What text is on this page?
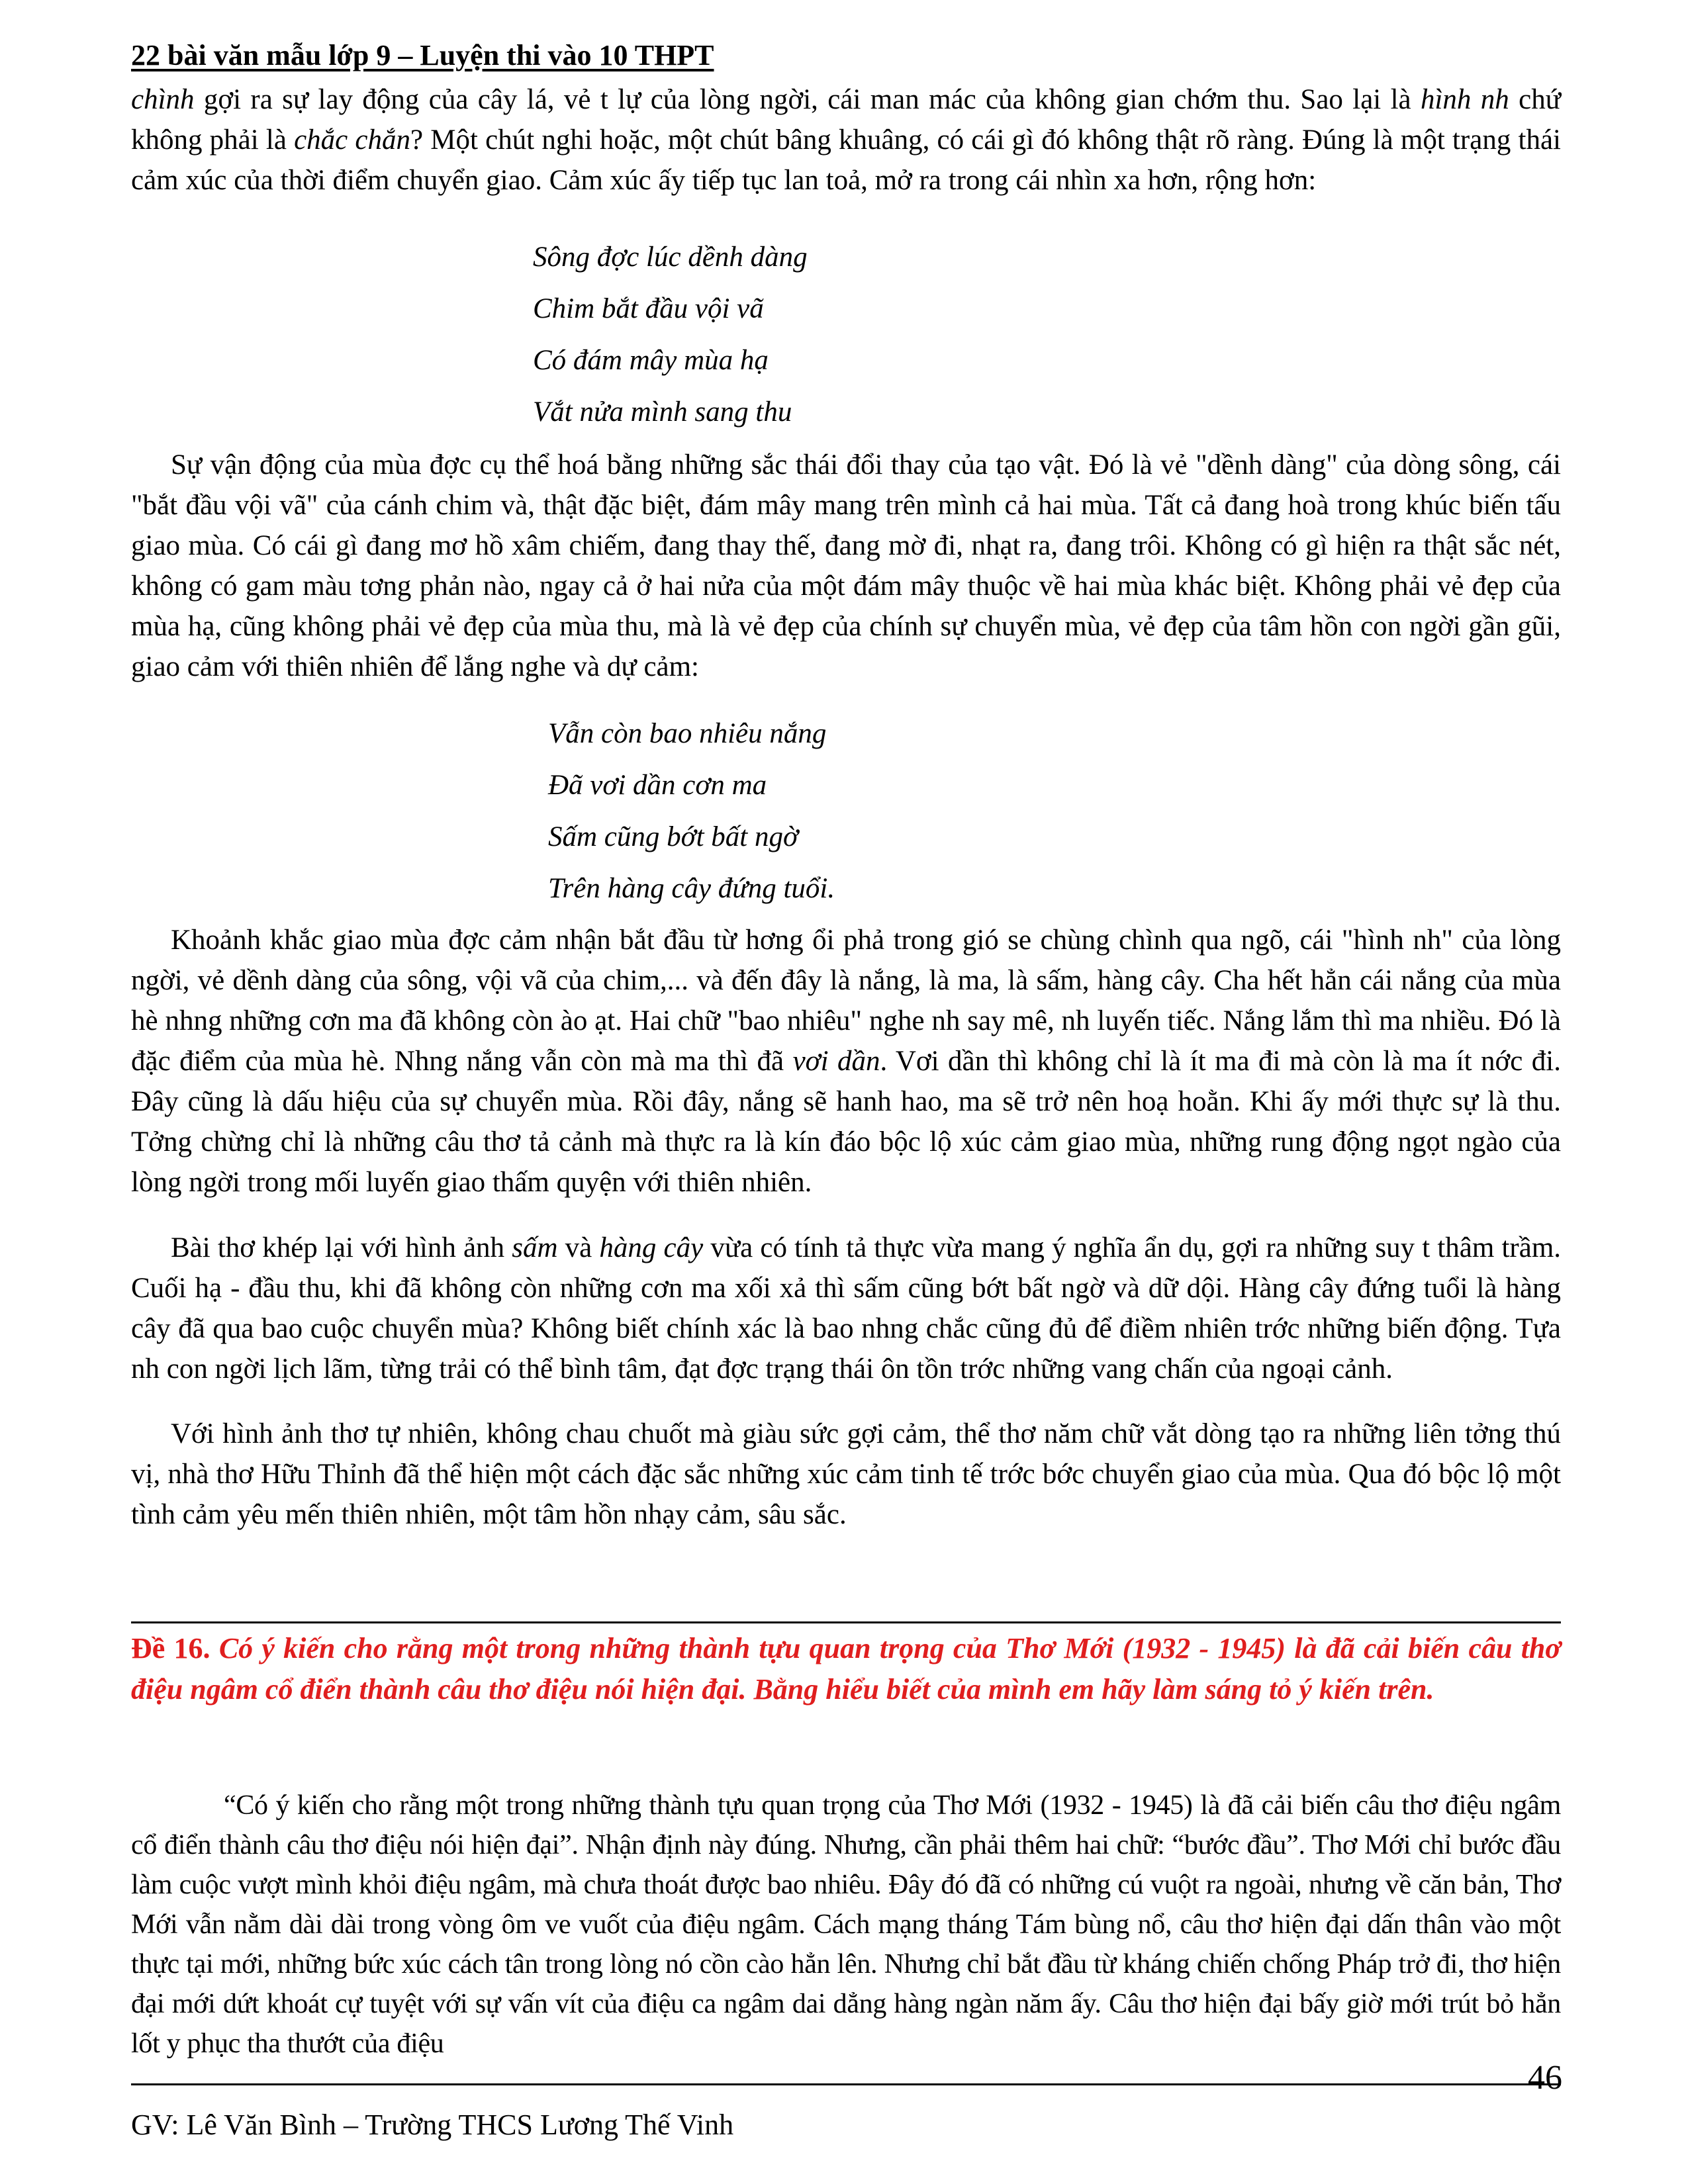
22 bài văn mẫu lớp 9 – Luyện thi vào 10 THPT

chình gợi ra sự lay động của cây lá, vẻ t lự của lòng ngời, cái man mác của không gian chớm thu. Sao lại là hình nh chứ không phải là chắc chắn? Một chút nghi hoặc, một chút bâng khuâng, có cái gì đó không thật rõ ràng. Đúng là một trạng thái cảm xúc của thời điểm chuyển giao. Cảm xúc ấy tiếp tục lan toả, mở ra trong cái nhìn xa hơn, rộng hơn:

Sông đợc lúc dềnh dàng
Chim bắt đầu vội vã
Có đám mây mùa hạ
Vắt nửa mình sang thu

Sự vận động của mùa đợc cụ thể hoá bằng những sắc thái đổi thay của tạo vật. Đó là vẻ "dềnh dàng" của dòng sông, cái "bắt đầu vội vã" của cánh chim và, thật đặc biệt, đám mây mang trên mình cả hai mùa. Tất cả đang hoà trong khúc biến tấu giao mùa. Có cái gì đang mơ hồ xâm chiếm, đang thay thế, đang mờ đi, nhạt ra, đang trôi. Không có gì hiện ra thật sắc nét, không có gam màu tơng phản nào, ngay cả ở hai nửa của một đám mây thuộc về hai mùa khác biệt. Không phải vẻ đẹp của mùa hạ, cũng không phải vẻ đẹp của mùa thu, mà là vẻ đẹp của chính sự chuyển mùa, vẻ đẹp của tâm hồn con ngời gần gũi, giao cảm với thiên nhiên để lắng nghe và dự cảm:

Vẫn còn bao nhiêu nắng
Đã vơi dần cơn ma
Sấm cũng bớt bất ngờ
Trên hàng cây đứng tuổi.

Khoảnh khắc giao mùa đợc cảm nhận bắt đầu từ hơng ổi phả trong gió se chùng chình qua ngõ, cái "hình nh" của lòng ngời, vẻ dềnh dàng của sông, vội vã của chim,... và đến đây là nắng, là ma, là sấm, hàng cây. Cha hết hẳn cái nắng của mùa hè nhng những cơn ma đã không còn ào ạt. Hai chữ "bao nhiêu" nghe nh say mê, nh luyến tiếc. Nắng lắm thì ma nhiều. Đó là đặc điểm của mùa hè. Nhng nắng vẫn còn mà ma thì đã vơi dần. Vơi dần thì không chỉ là ít ma đi mà còn là ma ít nớc đi. Đây cũng là dấu hiệu của sự chuyển mùa. Rồi đây, nắng sẽ hanh hao, ma sẽ trở nên hoạ hoằn. Khi ấy mới thực sự là thu. Tởng chừng chỉ là những câu thơ tả cảnh mà thực ra là kín đáo bộc lộ xúc cảm giao mùa, những rung động ngọt ngào của lòng ngời trong mối luyến giao thấm quyện với thiên nhiên.

Bài thơ khép lại với hình ảnh sấm và hàng cây vừa có tính tả thực vừa mang ý nghĩa ẩn dụ, gợi ra những suy t thâm trầm. Cuối hạ - đầu thu, khi đã không còn những cơn ma xối xả thì sấm cũng bớt bất ngờ và dữ dội. Hàng cây đứng tuổi là hàng cây đã qua bao cuộc chuyển mùa? Không biết chính xác là bao nhng chắc cũng đủ để điềm nhiên trớc những biến động. Tựa nh con ngời lịch lãm, từng trải có thể bình tâm, đạt đợc trạng thái ôn tồn trớc những vang chấn của ngoại cảnh.

Với hình ảnh thơ tự nhiên, không chau chuốt mà giàu sức gợi cảm, thể thơ năm chữ vắt dòng tạo ra những liên tởng thú vị, nhà thơ Hữu Thỉnh đã thể hiện một cách đặc sắc những xúc cảm tinh tế trớc bớc chuyển giao của mùa. Qua đó bộc lộ một tình cảm yêu mến thiên nhiên, một tâm hồn nhạy cảm, sâu sắc.

Đề 16. Có ý kiến cho rằng một trong những thành tựu quan trọng của Thơ Mới (1932 - 1945) là đã cải biến câu thơ điệu ngâm cổ điển thành câu thơ điệu nói hiện đại. Bằng hiểu biết của mình em hãy làm sáng tỏ ý kiến trên.

“Có ý kiến cho rằng một trong những thành tựu quan trọng của Thơ Mới (1932 - 1945) là đã cải biến câu thơ điệu ngâm cổ điển thành câu thơ điệu nói hiện đại”. Nhận định này đúng. Nhưng, cần phải thêm hai chữ: “bước đầu”. Thơ Mới chỉ bước đầu làm cuộc vượt mình khỏi điệu ngâm, mà chưa thoát được bao nhiêu. Đây đó đã có những cú vuột ra ngoài, nhưng về căn bản, Thơ Mới vẫn nằm dài dài trong vòng ôm ve vuốt của điệu ngâm. Cách mạng tháng Tám bùng nổ, câu thơ hiện đại dấn thân vào một thực tại mới, những bức xúc cách tân trong lòng nó cồn cào hẳn lên. Nhưng chỉ bắt đầu từ kháng chiến chống Pháp trở đi, thơ hiện đại mới dứt khoát cự tuyệt với sự vấn vít của điệu ca ngâm dai dẳng hàng ngàn năm ấy. Câu thơ hiện đại bấy giờ mới trút bỏ hẳn lốt y phục tha thướt của điệu

46
GV: Lê Văn Bình – Trường THCS Lương Thế Vinh
